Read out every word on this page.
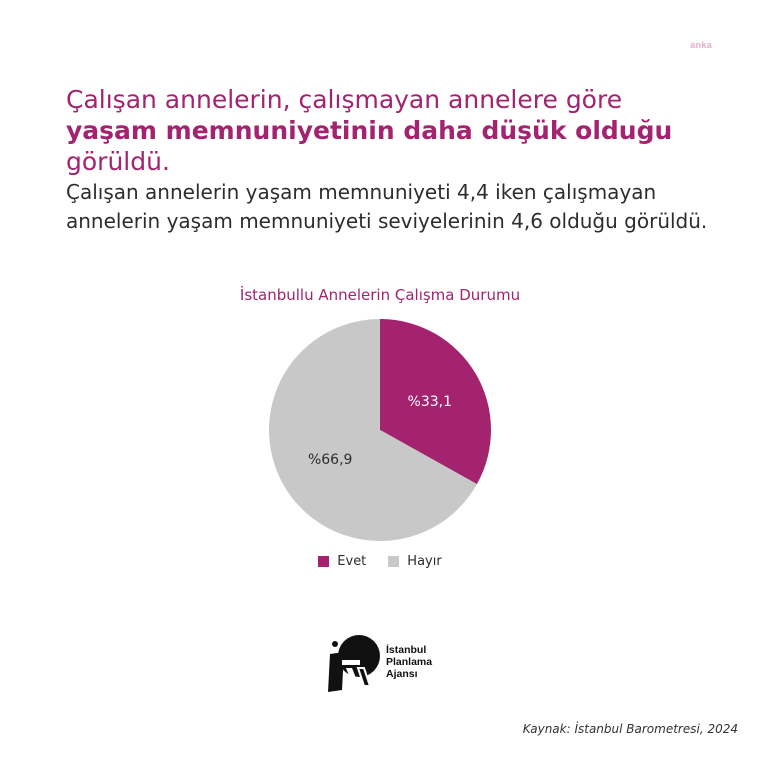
anka
Çalışan annelerin, çalışmayan annelere göre yaşam memnuniyetinin daha düşük olduğu görüldü.

Çalışan annelerin yaşam memnuniyeti 4,4 iken çalışmayan annelerin yaşam memnuniyeti seviyelerinin 4,6 olduğu görüldü.

İstanbullu Annelerin Çalışma Durumu
%33,1
%66,9
Evet	Hayır
İstanbul
Planlama
Ajansı
Kaynak: İstanbul Barometresi, 2024
